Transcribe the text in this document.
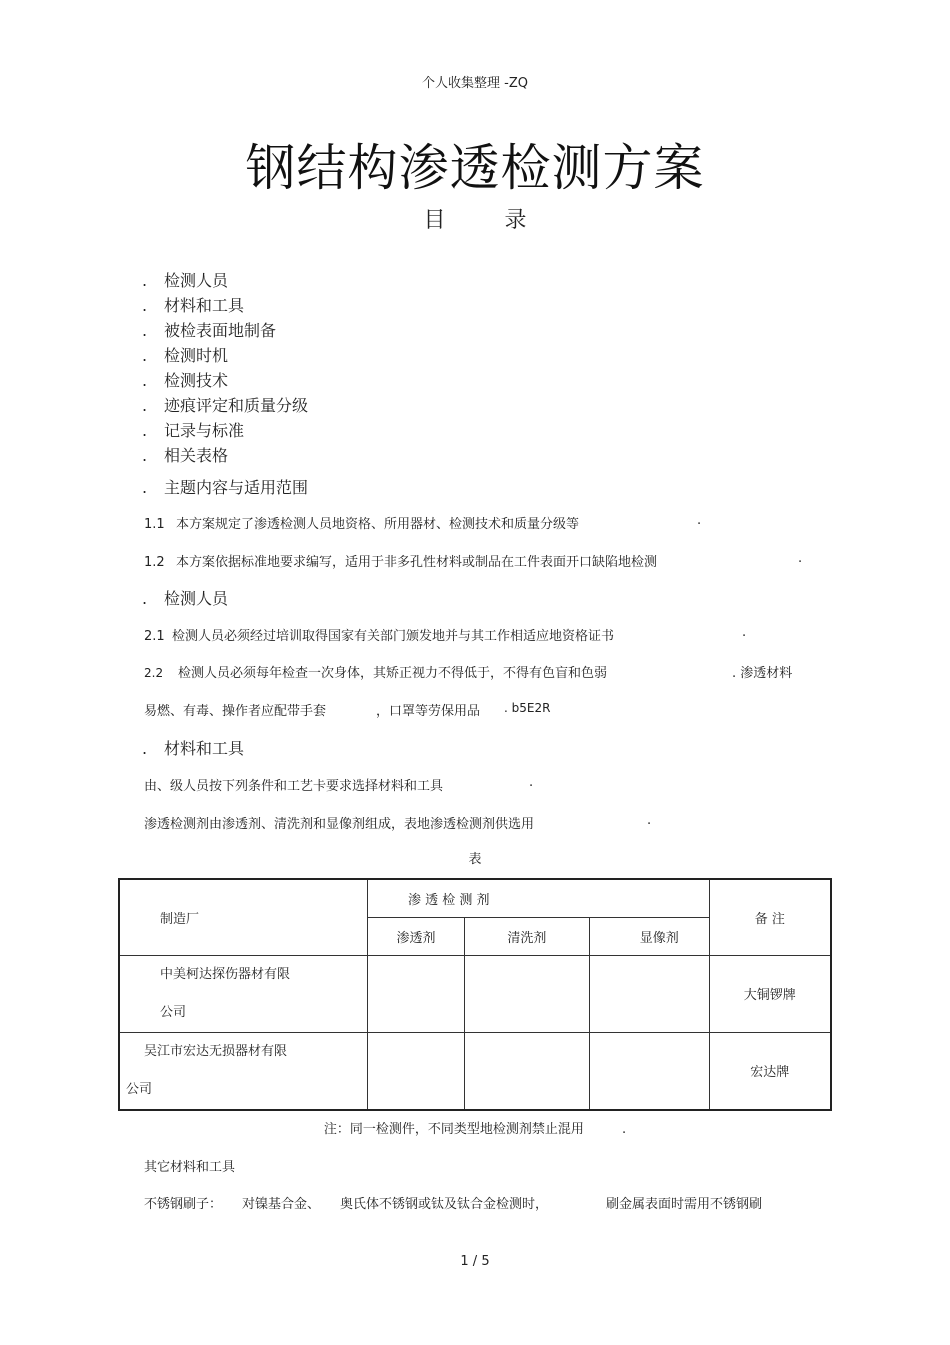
个人收集整理 -ZQ
钢结构渗透检测方案
目	录
. 检测人员
. 材料和工具
. 被检表面地制备
. 检测时机
. 检测技术
. 迹痕评定和质量分级
. 记录与标准
. 相关表格
. 主题内容与适用范围
1.1 本方案规定了渗透检测人员地资格、所用器材、检测技术和质量分级等	.
1.2 本方案依据标准地要求编写，适用于非多孔性材料或制品在工件表面开口缺陷地检测	.
. 检测人员
2.1 检测人员必须经过培训取得国家有关部门颁发地并与其工作相适应地资格证书	.
2.2 检测人员必须每年检查一次身体，其矫正视力不得低于，不得有色盲和色弱	. 渗透材料
易燃、有毒、操作者应配带手套	，口罩等劳保用品 . b5E2R
. 材料和工具
由、级人员按下列条件和工艺卡要求选择材料和工具	.
渗透检测剂由渗透剂、清洗剂和显像剂组成，表地渗透检测剂供选用	.
表
制造厂	渗 透 检 测 剂			备 注
	渗透剂	清洗剂	显像剂	

中美柯达探伤器材有限
公司				大铜锣牌

吴江市宏达无损器材有限
公司				宏达牌
注：同一检测件，不同类型地检测剂禁止混用	.
其它材料和工具
不锈钢刷子： 对镍基合金、 奥氏体不锈钢或钛及钛合金检测时，	刷金属表面时需用不锈钢刷
1 / 5
